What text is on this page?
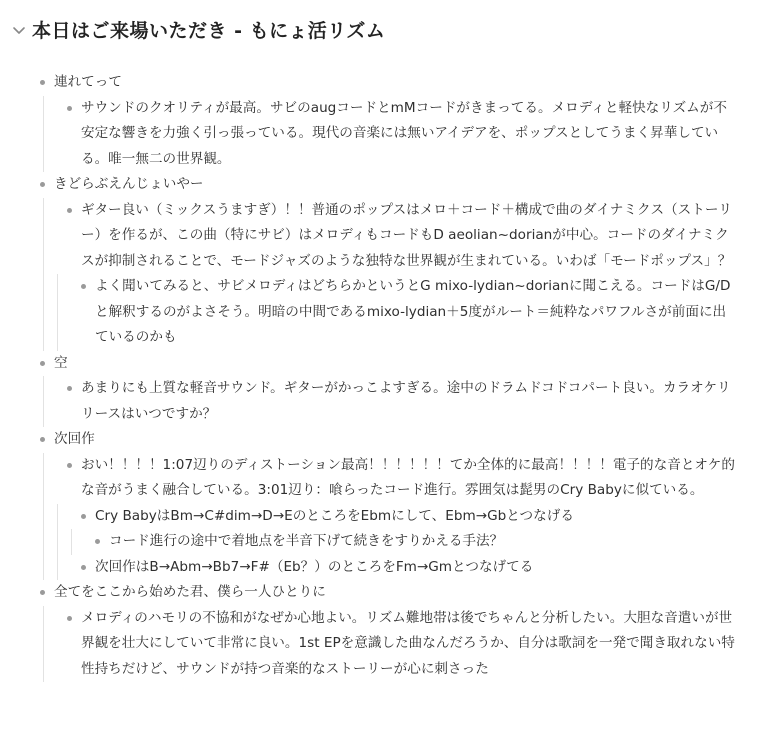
本日はご来場いただき - もにょ活リズム
連れてって
サウンドのクオリティが最高。サビのaugコードとmMコードがきまってる。メロディと軽快なリズムが不安定な響きを力強く引っ張っている。現代の音楽には無いアイデアを、ポップスとしてうまく昇華している。唯一無二の世界観。
きどらぶえんじょいやー
ギター良い（ミックスうますぎ）！！普通のポップスはメロ＋コード＋構成で曲のダイナミクス（ストーリー）を作るが、この曲（特にサビ）はメロディもコードもD aeolian~dorianが中心。コードのダイナミクスが抑制されることで、モードジャズのような独特な世界観が生まれている。いわば「モードポップス」？
よく聞いてみると、サビメロディはどちらかというとG mixo-lydian~dorianに聞こえる。コードはG/Dと解釈するのがよさそう。明暗の中間であるmixo-lydian＋5度がルート＝純粋なパワフルさが前面に出ているのかも
空
あまりにも上質な軽音サウンド。ギターがかっこよすぎる。途中のドラムドコドコパート良い。カラオケリリースはいつですか？
次回作
おい！！！！1:07辺りのディストーション最高！！！！！！てか全体的に最高！！！！電子的な音とオケ的な音がうまく融合している。3:01辺り：喰らったコード進行。雰囲気は髭男のCry Babyに似ている。
Cry BabyはBm→C#dim→D→EのところをEbmにして、Ebm→Gbとつなげる
コード進行の途中で着地点を半音下げて続きをすりかえる手法？
次回作はB→Abm→Bb7→F#（Eb？）のところをFm→Gmとつなげてる
全てをここから始めた君、僕ら一人ひとりに
メロディのハモリの不協和がなぜか心地よい。リズム難地帯は後でちゃんと分析したい。大胆な音遣いが世界観を壮大にしていて非常に良い。1st EPを意識した曲なんだろうか、自分は歌詞を一発で聞き取れない特性持ちだけど、サウンドが持つ音楽的なストーリーが心に刺さった
